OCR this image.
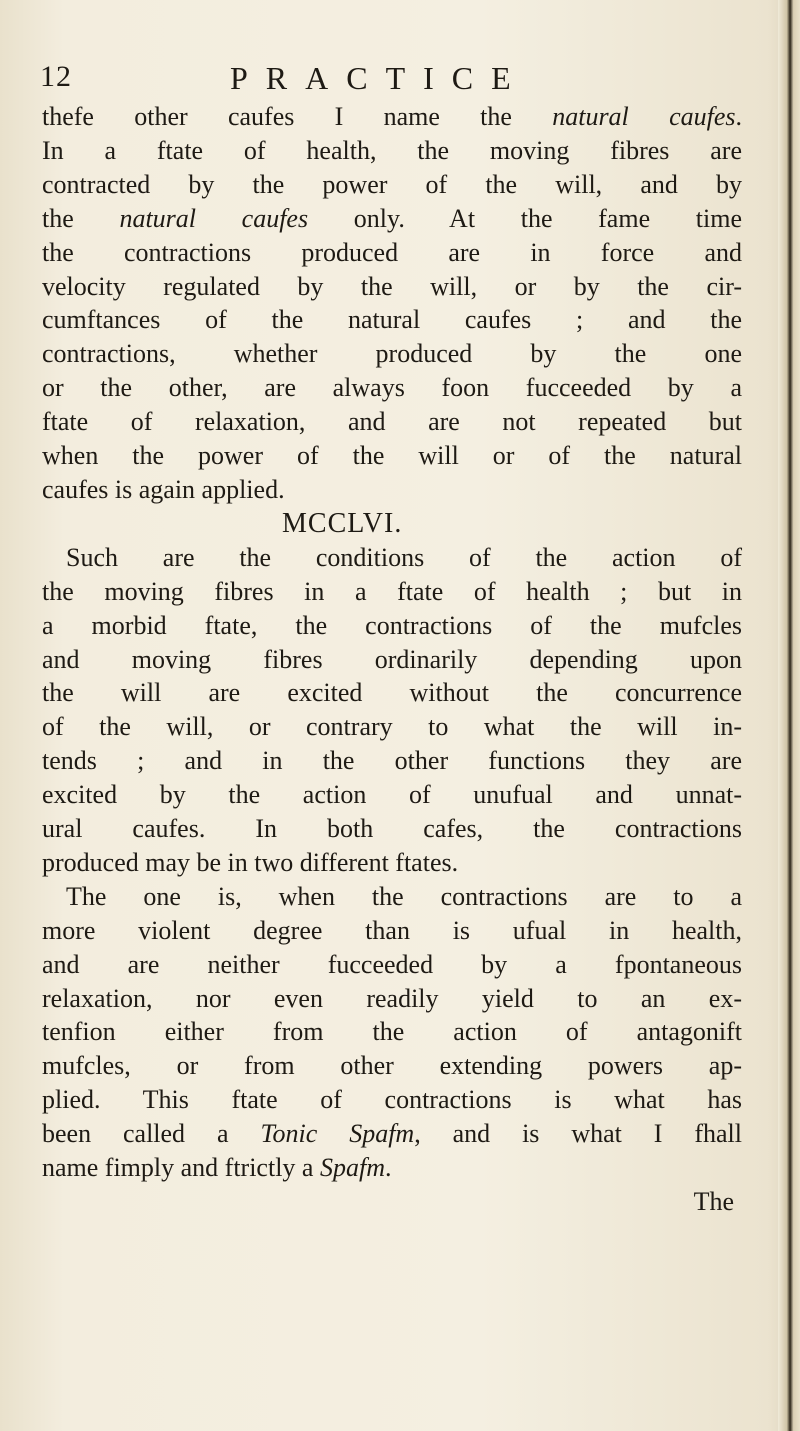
12	PRACTICE
thefe other caufes I name the natural caufes.
In a ftate of health, the moving fibres are
contracted by the power of the will, and by
the natural caufes only. At the fame time
the contractions produced are in force and
velocity regulated by the will, or by the cir-
cumftances of the natural caufes ; and the
contractions, whether produced by the one
or the other, are always foon fucceeded by a
ftate of relaxation, and are not repeated but
when the power of the will or of the natural
caufes is again applied.
MCCLVI.
Such are the conditions of the action of
the moving fibres in a ftate of health ; but in
a morbid ftate, the contractions of the mufcles
and moving fibres ordinarily depending upon
the will are excited without the concurrence
of the will, or contrary to what the will in-
tends ; and in the other functions they are
excited by the action of unufual and unnat-
ural caufes. In both cafes, the contractions
produced may be in two different ftates.
The one is, when the contractions are to a
more violent degree than is ufual in health,
and are neither fucceeded by a fpontaneous
relaxation, nor even readily yield to an ex-
tenfion either from the action of antagonift
mufcles, or from other extending powers ap-
plied. This ftate of contractions is what has
been called a Tonic Spafm, and is what I fhall
name fimply and ftrictly a Spafm.
The
